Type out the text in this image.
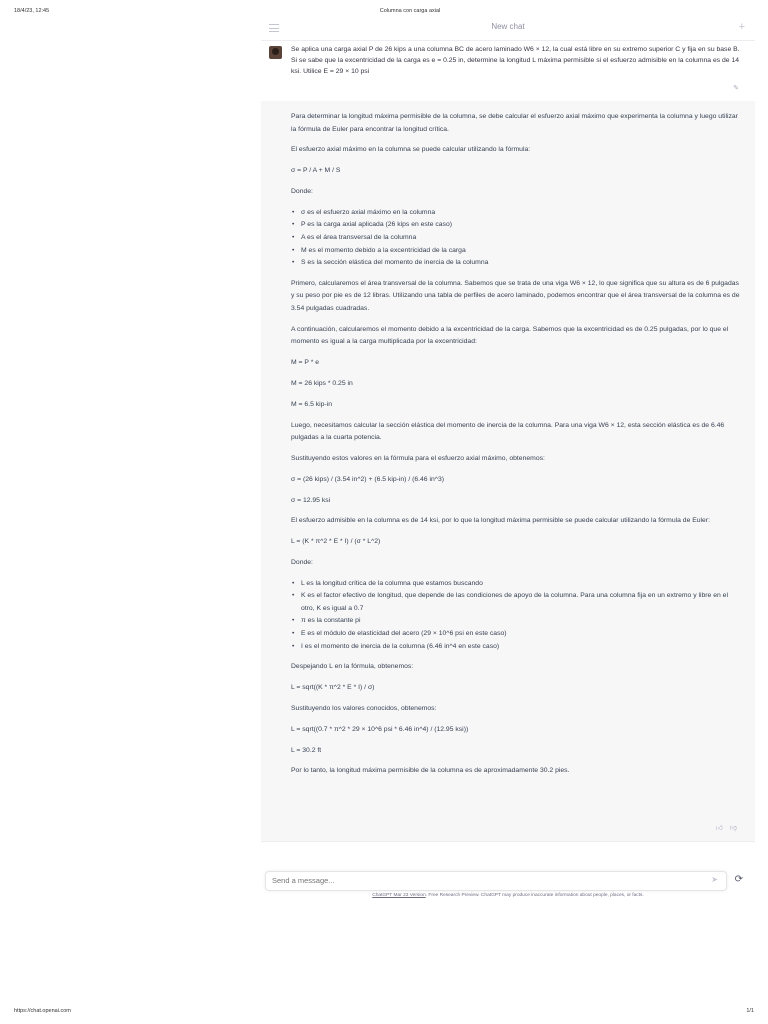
18/4/23, 12:45	Columna con carga axial
New chat	+
Se aplica una carga axial P de 26 kips a una columna BC de acero laminado W6 × 12, la cual está libre en su extremo superior C y fija en su base B. Si se sabe que la excentricidad de la carga es e = 0.25 in, determine la longitud L máxima permisible si el esfuerzo admisible en la columna es de 14 ksi. Utilice E = 29 × 10 psi
✎

Para determinar la longitud máxima permisible de la columna, se debe calcular el esfuerzo axial máximo que experimenta la columna y luego utilizar la fórmula de Euler para encontrar la longitud crítica.

El esfuerzo axial máximo en la columna se puede calcular utilizando la fórmula:

σ = P / A + M / S

Donde:

• σ es el esfuerzo axial máximo en la columna
• P es la carga axial aplicada (26 kips en este caso)
• A es el área transversal de la columna
• M es el momento debido a la excentricidad de la carga
• S es la sección elástica del momento de inercia de la columna

Primero, calcularemos el área transversal de la columna. Sabemos que se trata de una viga W6 × 12, lo que significa que su altura es de 6 pulgadas y su peso por pie es de 12 libras. Utilizando una tabla de perfiles de acero laminado, podemos encontrar que el área transversal de la columna es de 3.54 pulgadas cuadradas.

A continuación, calcularemos el momento debido a la excentricidad de la carga. Sabemos que la excentricidad es de 0.25 pulgadas, por lo que el momento es igual a la carga multiplicada por la excentricidad:

M = P * e

M = 26 kips * 0.25 in

M = 6.5 kip-in

Luego, necesitamos calcular la sección elástica del momento de inercia de la columna. Para una viga W6 × 12, esta sección elástica es de 6.46 pulgadas a la cuarta potencia.

Sustituyendo estos valores en la fórmula para el esfuerzo axial máximo, obtenemos:

σ = (26 kips) / (3.54 in^2) + (6.5 kip-in) / (6.46 in^3)

σ = 12.95 ksi

El esfuerzo admisible en la columna es de 14 ksi, por lo que la longitud máxima permisible se puede calcular utilizando la fórmula de Euler:

L = (K * π^2 * E * I) / (σ * L^2)

Donde:

• L es la longitud crítica de la columna que estamos buscando
• K es el factor efectivo de longitud, que depende de las condiciones de apoyo de la columna. Para una columna fija en un extremo y libre en el otro, K es igual a 0.7
• π es la constante pi
• E es el módulo de elasticidad del acero (29 × 10^6 psi en este caso)
• I es el momento de inercia de la columna (6.46 in^4 en este caso)

Despejando L en la fórmula, obtenemos:

L = sqrt((K * π^2 * E * I) / σ)

Sustituyendo los valores conocidos, obtenemos:

L = sqrt((0.7 * π^2 * 29 × 10^6 psi * 6.46 in^4) / (12.95 ksi))

L = 30.2 ft

Por lo tanto, la longitud máxima permisible de la columna es de aproximadamente 30.2 pies.

👍︎ 👎︎
Send a message...
➤ ⟳
ChatGPT Mar 23 Version. Free Research Preview. ChatGPT may produce inaccurate information about people, places, or facts.
https://chat.openai.com	1/1
